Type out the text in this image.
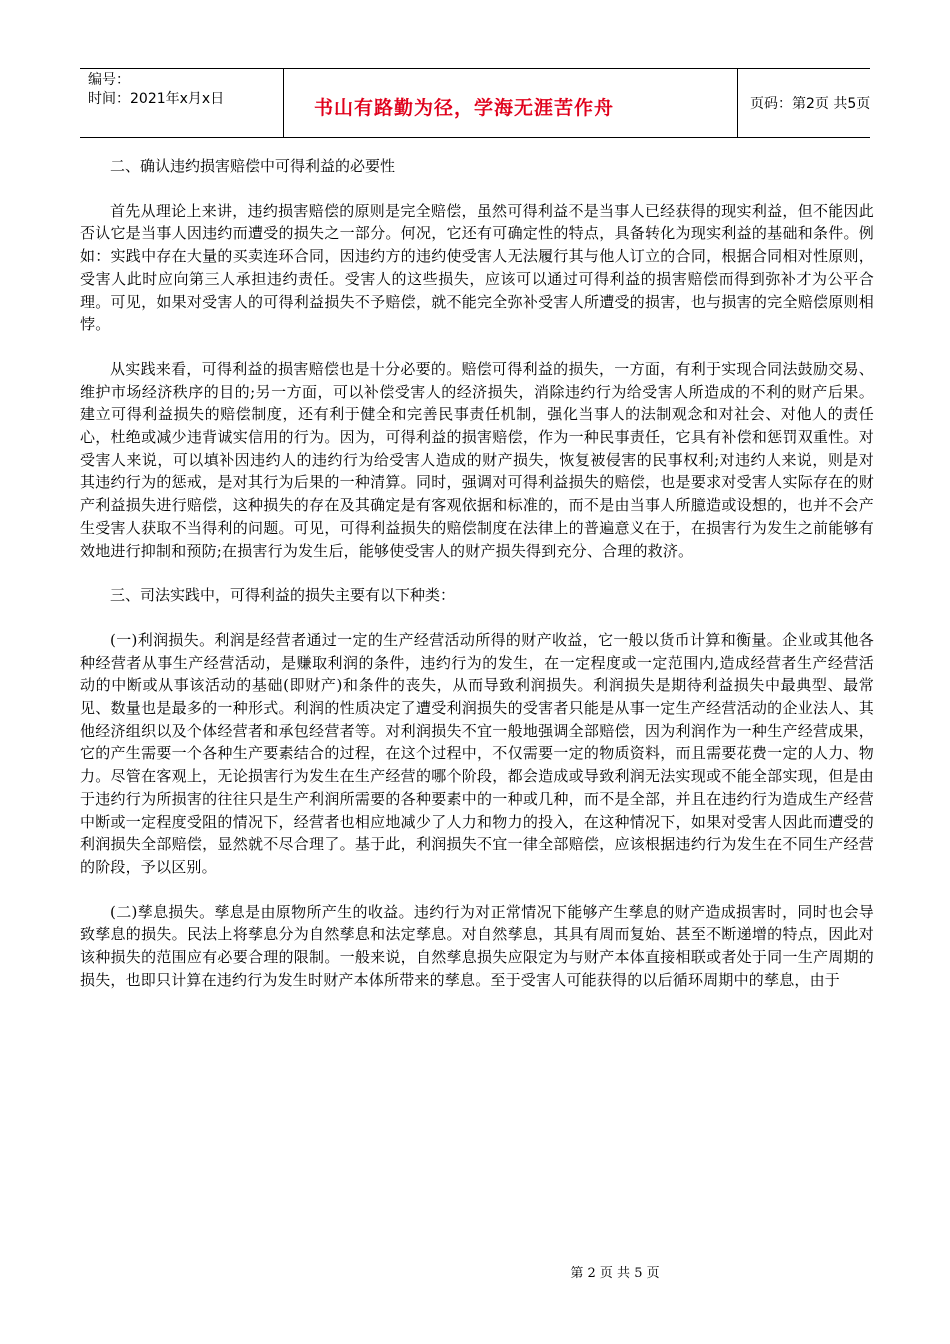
编号：
时间：2021年x月x日	书山有路勤为径，学海无涯苦作舟	页码：第2页 共5页

二、确认违约损害赔偿中可得利益的必要性

首先从理论上来讲，违约损害赔偿的原则是完全赔偿，虽然可得利益不是当事人已经获得的现实利益，但不能因此否认它是当事人因违约而遭受的损失之一部分。何况，它还有可确定性的特点，具备转化为现实利益的基础和条件。例如：实践中存在大量的买卖连环合同，因违约方的违约使受害人无法履行其与他人订立的合同，根据合同相对性原则，受害人此时应向第三人承担违约责任。受害人的这些损失，应该可以通过可得利益的损害赔偿而得到弥补才为公平合理。可见，如果对受害人的可得利益损失不予赔偿，就不能完全弥补受害人所遭受的损害，也与损害的完全赔偿原则相悖。

从实践来看，可得利益的损害赔偿也是十分必要的。赔偿可得利益的损失，一方面，有利于实现合同法鼓励交易、维护市场经济秩序的目的;另一方面，可以补偿受害人的经济损失，消除违约行为给受害人所造成的不利的财产后果。建立可得利益损失的赔偿制度，还有利于健全和完善民事责任机制，强化当事人的法制观念和对社会、对他人的责任心，杜绝或减少违背诚实信用的行为。因为，可得利益的损害赔偿，作为一种民事责任，它具有补偿和惩罚双重性。对受害人来说，可以填补因违约人的违约行为给受害人造成的财产损失，恢复被侵害的民事权利;对违约人来说，则是对其违约行为的惩戒，是对其行为后果的一种清算。同时，强调对可得利益损失的赔偿，也是要求对受害人实际存在的财产利益损失进行赔偿，这种损失的存在及其确定是有客观依据和标准的，而不是由当事人所臆造或设想的，也并不会产生受害人获取不当得利的问题。可见，可得利益损失的赔偿制度在法律上的普遍意义在于，在损害行为发生之前能够有效地进行抑制和预防;在损害行为发生后，能够使受害人的财产损失得到充分、合理的救济。

三、司法实践中，可得利益的损失主要有以下种类：

(一)利润损失。利润是经营者通过一定的生产经营活动所得的财产收益，它一般以货币计算和衡量。企业或其他各种经营者从事生产经营活动，是赚取利润的条件，违约行为的发生，在一定程度或一定范围内,造成经营者生产经营活动的中断或从事该活动的基础(即财产)和条件的丧失，从而导致利润损失。利润损失是期待利益损失中最典型、最常见、数量也是最多的一种形式。利润的性质决定了遭受利润损失的受害者只能是从事一定生产经营活动的企业法人、其他经济组织以及个体经营者和承包经营者等。对利润损失不宜一般地强调全部赔偿，因为利润作为一种生产经营成果，它的产生需要一个各种生产要素结合的过程，在这个过程中，不仅需要一定的物质资料，而且需要花费一定的人力、物力。尽管在客观上，无论损害行为发生在生产经营的哪个阶段，都会造成或导致利润无法实现或不能全部实现，但是由于违约行为所损害的往往只是生产利润所需要的各种要素中的一种或几种，而不是全部，并且在违约行为造成生产经营中断或一定程度受阻的情况下，经营者也相应地减少了人力和物力的投入，在这种情况下，如果对受害人因此而遭受的利润损失全部赔偿，显然就不尽合理了。基于此，利润损失不宜一律全部赔偿，应该根据违约行为发生在不同生产经营的阶段，予以区别。

(二)孳息损失。孳息是由原物所产生的收益。违约行为对正常情况下能够产生孳息的财产造成损害时，同时也会导致孳息的损失。民法上将孳息分为自然孳息和法定孳息。对自然孳息，其具有周而复始、甚至不断递增的特点，因此对该种损失的范围应有必要合理的限制。一般来说，自然孳息损失应限定为与财产本体直接相联或者处于同一生产周期的损失，也即只计算在违约行为发生时财产本体所带来的孳息。至于受害人可能获得的以后循环周期中的孳息，由于

第 2 页 共 5 页
